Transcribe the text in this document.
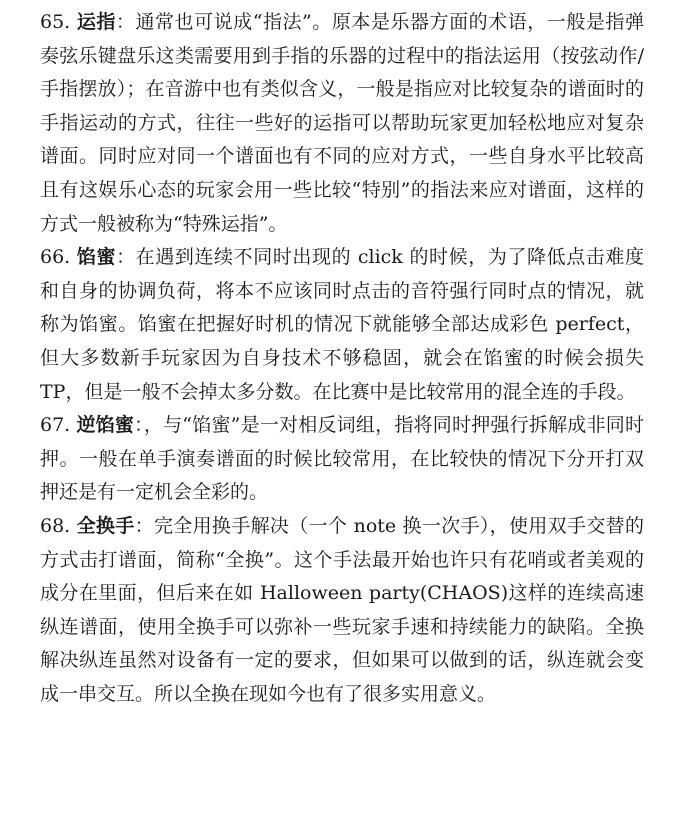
65. 运指：通常也可说成“指法”。原本是乐器方面的术语，一般是指弹奏弦乐键盘乐这类需要用到手指的乐器的过程中的指法运用（按弦动作/手指摆放）；在音游中也有类似含义，一般是指应对比较复杂的谱面时的手指运动的方式，往往一些好的运指可以帮助玩家更加轻松地应对复杂谱面。同时应对同一个谱面也有不同的应对方式，一些自身水平比较高且有这娱乐心态的玩家会用一些比较“特别”的指法来应对谱面，这样的方式一般被称为“特殊运指”。

66. 馅蜜：在遇到连续不同时出现的 click 的时候，为了降低点击难度和自身的协调负荷，将本不应该同时点击的音符强行同时点的情况，就称为馅蜜。馅蜜在把握好时机的情况下就能够全部达成彩色 perfect，但大多数新手玩家因为自身技术不够稳固，就会在馅蜜的时候会损失 TP，但是一般不会掉太多分数。在比赛中是比较常用的混全连的手段。

67. 逆馅蜜：，与“馅蜜”是一对相反词组，指将同时押强行拆解成非同时押。一般在单手演奏谱面的时候比较常用，在比较快的情况下分开打双押还是有一定机会全彩的。

68. 全换手：完全用换手解决（一个 note 换一次手），使用双手交替的方式击打谱面，简称“全换”。这个手法最开始也许只有花哨或者美观的成分在里面，但后来在如 Halloween party(CHAOS)这样的连续高速纵连谱面，使用全换手可以弥补一些玩家手速和持续能力的缺陷。全换解决纵连虽然对设备有一定的要求，但如果可以做到的话，纵连就会变成一串交互。所以全换在现如今也有了很多实用意义。
